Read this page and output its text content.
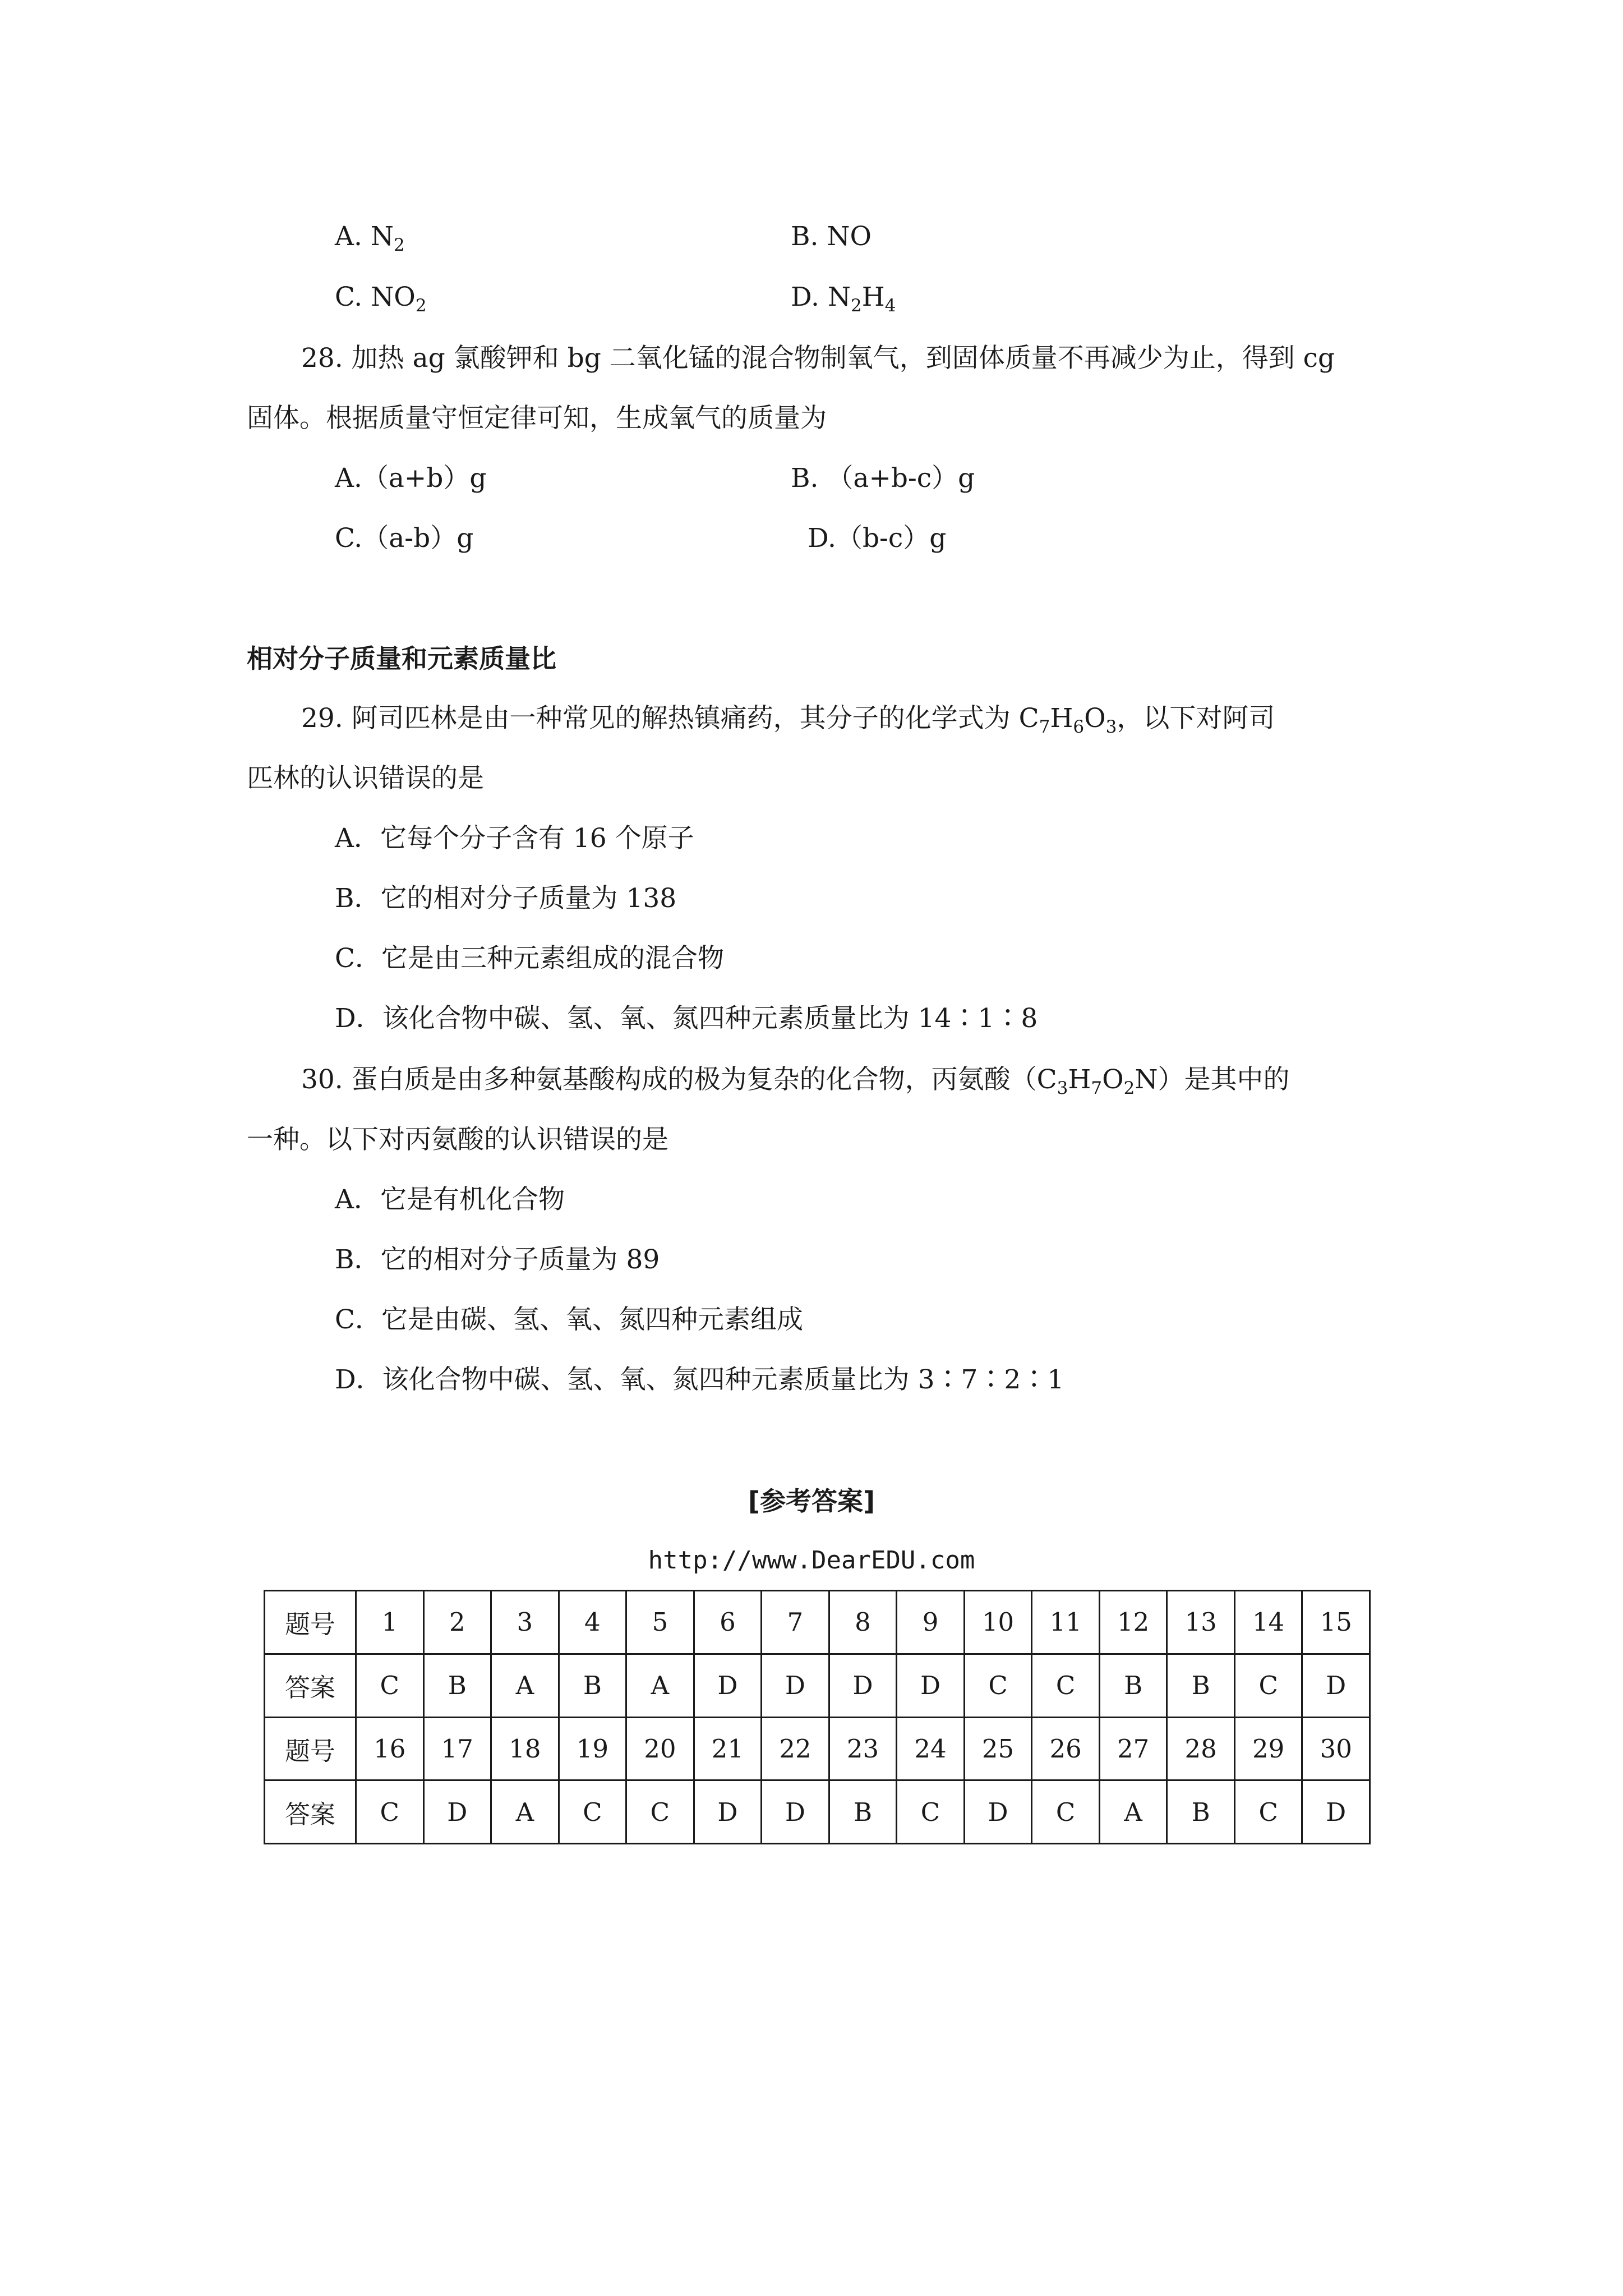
A. $N_2$	B. NO
C. $NO_2$	D. $N_2H_4$
28. 加热 ag 氯酸钾和 bg 二氧化锰的混合物制氧气，到固体质量不再减少为止，得到 cg
固体。根据质量守恒定律可知，生成氧气的质量为
A.（a+b）g	B. （a+b-c）g
C.（a-b）g	D.（b-c）g
相对分子质量和元素质量比
29. 阿司匹林是由一种常见的解热镇痛药，其分子的化学式为 $C_7H_6O_3$，以下对阿司
匹林的认识错误的是
A．它每个分子含有 16 个原子
B．它的相对分子质量为 138
C．它是由三种元素组成的混合物
D．该化合物中碳、氢、氧、氮四种元素质量比为 14∶1∶8
30. 蛋白质是由多种氨基酸构成的极为复杂的化合物，丙氨酸$(C_3H_7O_2N)$是其中的
一种。以下对丙氨酸的认识错误的是
A．它是有机化合物
B．它的相对分子质量为 89
C．它是由碳、氢、氧、氮四种元素组成
D．该化合物中碳、氢、氧、氮四种元素质量比为 3∶7∶2∶1
[参考答案]
http://www.DearEDU.com
题号	1	2	3	4	5	6	7	8	9	10	11	12	13	14	15
答案	C	B	A	B	A	D	D	D	D	C	C	B	B	C	D
题号	16	17	18	19	20	21	22	23	24	25	26	27	28	29	30
答案	C	D	A	C	C	D	D	B	C	D	C	A	B	C	D
